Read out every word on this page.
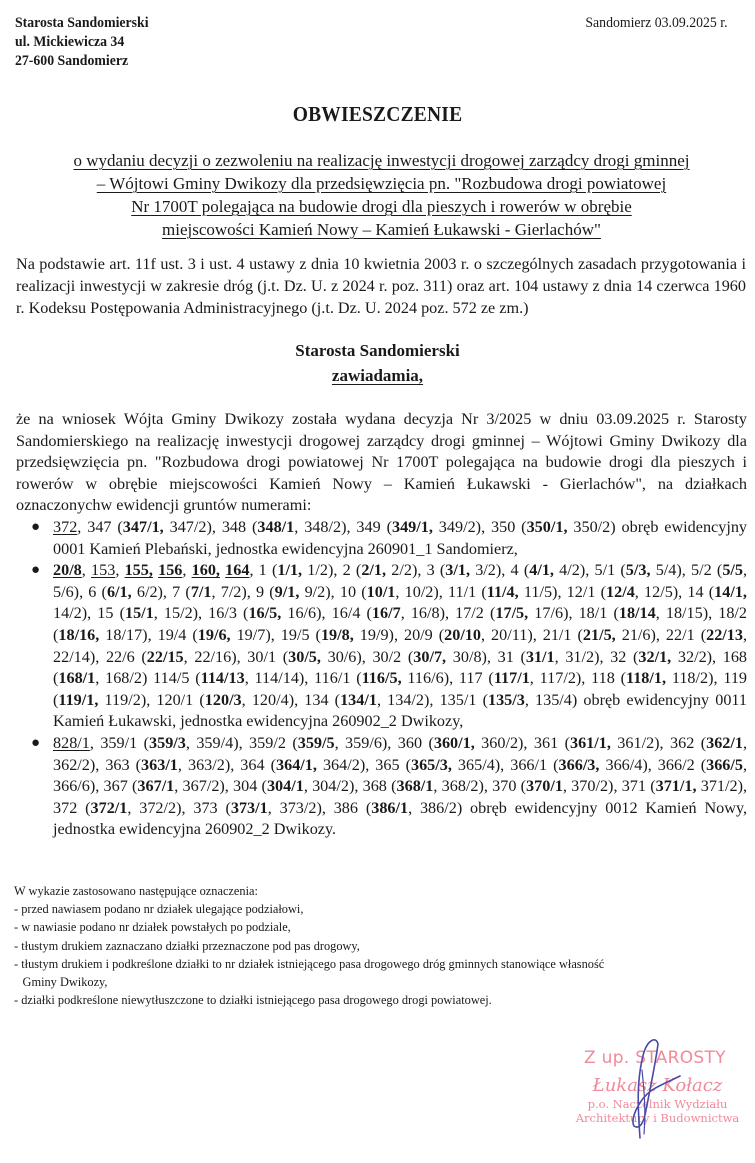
Starosta Sandomierski
ul. Mickiewicza 34
27-600 Sandomierz
Sandomierz 03.09.2025 r.
OBWIESZCZENIE
o wydaniu decyzji o zezwoleniu na realizację inwestycji drogowej zarządcy drogi gminnej
– Wójtowi Gminy Dwikozy dla przedsięwzięcia pn. "Rozbudowa drogi powiatowej
Nr 1700T polegająca na budowie drogi dla pieszych i rowerów w obrębie
miejscowości Kamień Nowy – Kamień Łukawski - Gierlachów"
Na podstawie art. 11f ust. 3 i ust. 4 ustawy z dnia 10 kwietnia 2003 r. o szczególnych zasadach przygotowania i realizacji inwestycji w zakresie dróg (j.t. Dz. U. z 2024 r. poz. 311) oraz art. 104 ustawy z dnia 14 czerwca 1960 r. Kodeksu Postępowania Administracyjnego (j.t. Dz. U. 2024 poz. 572 ze zm.)
Starosta Sandomierski
zawiadamia,
że na wniosek Wójta Gminy Dwikozy została wydana decyzja Nr 3/2025 w dniu 03.09.2025 r. Starosty Sandomierskiego na realizację inwestycji drogowej zarządcy drogi gminnej – Wójtowi Gminy Dwikozy dla przedsięwzięcia pn. "Rozbudowa drogi powiatowej Nr 1700T polegająca na budowie drogi dla pieszych i rowerów w obrębie miejscowości Kamień Nowy – Kamień Łukawski - Gierlachów", na działkach oznaczonychw ewidencji gruntów numerami:
● 372, 347 (347/1, 347/2), 348 (348/1, 348/2), 349 (349/1, 349/2), 350 (350/1, 350/2) obręb ewidencyjny 0001 Kamień Plebański, jednostka ewidencyjna 260901_1 Sandomierz,
● 20/8, 153, 155, 156, 160, 164, 1 (1/1, 1/2), 2 (2/1, 2/2), 3 (3/1, 3/2), 4 (4/1, 4/2), 5/1 (5/3, 5/4), 5/2 (5/5, 5/6), 6 (6/1, 6/2), 7 (7/1, 7/2), 9 (9/1, 9/2), 10 (10/1, 10/2), 11/1 (11/4, 11/5), 12/1 (12/4, 12/5), 14 (14/1, 14/2), 15 (15/1, 15/2), 16/3 (16/5, 16/6), 16/4 (16/7, 16/8), 17/2 (17/5, 17/6), 18/1 (18/14, 18/15), 18/2 (18/16, 18/17), 19/4 (19/6, 19/7), 19/5 (19/8, 19/9), 20/9 (20/10, 20/11), 21/1 (21/5, 21/6), 22/1 (22/13, 22/14), 22/6 (22/15, 22/16), 30/1 (30/5, 30/6), 30/2 (30/7, 30/8), 31 (31/1, 31/2), 32 (32/1, 32/2), 168 (168/1, 168/2) 114/5 (114/13, 114/14), 116/1 (116/5, 116/6), 117 (117/1, 117/2), 118 (118/1, 118/2), 119 (119/1, 119/2), 120/1 (120/3, 120/4), 134 (134/1, 134/2), 135/1 (135/3, 135/4) obręb ewidencyjny 0011 Kamień Łukawski, jednostka ewidencyjna 260902_2 Dwikozy,
● 828/1, 359/1 (359/3, 359/4), 359/2 (359/5, 359/6), 360 (360/1, 360/2), 361 (361/1, 361/2), 362 (362/1, 362/2), 363 (363/1, 363/2), 364 (364/1, 364/2), 365 (365/3, 365/4), 366/1 (366/3, 366/4), 366/2 (366/5, 366/6), 367 (367/1, 367/2), 304 (304/1, 304/2), 368 (368/1, 368/2), 370 (370/1, 370/2), 371 (371/1, 371/2), 372 (372/1, 372/2), 373 (373/1, 373/2), 386 (386/1, 386/2) obręb ewidencyjny 0012 Kamień Nowy, jednostka ewidencyjna 260902_2 Dwikozy.
W wykazie zastosowano następujące oznaczenia:
- przed nawiasem podano nr działek ulegające podziałowi,
- w nawiasie podano nr działek powstałych po podziale,
- tłustym drukiem zaznaczano działki przeznaczone pod pas drogowy,
- tłustym drukiem i podkreślone działki to nr działek istniejącego pasa drogowego dróg gminnych stanowiące własność
Gminy Dwikozy,
- działki podkreślone niewytłuszczone to działki istniejącego pasa drogowego drogi powiatowej.
Z up. STAROSTY
Łukasz Kołacz
p.o. Naczelnik Wydziału
Architektury i Budownictwa
